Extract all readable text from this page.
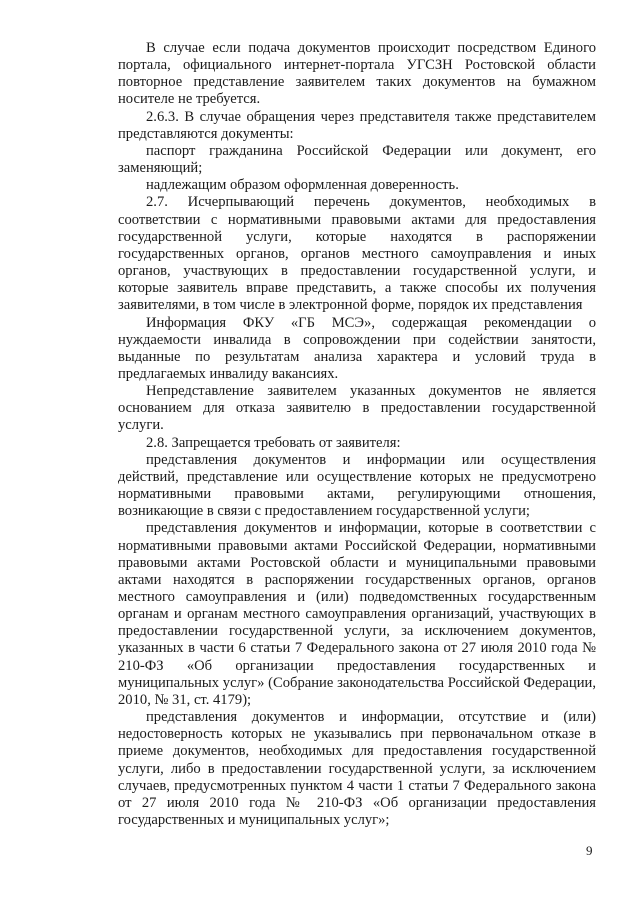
В случае если подача документов происходит посредством Единого портала, официального интернет-портала УГСЗН Ростовской области повторное представление заявителем таких документов на бумажном носителе не требуется.

2.6.3. В случае обращения через представителя также представителем представляются документы:

паспорт гражданина Российской Федерации или документ, его заменяющий;

надлежащим образом оформленная доверенность.

2.7. Исчерпывающий перечень документов, необходимых в соответствии с нормативными правовыми актами для предоставления государственной услуги, которые находятся в распоряжении государственных органов, органов местного самоуправления и иных органов, участвующих в предоставлении государственной услуги, и которые заявитель вправе представить, а также способы их получения заявителями, в том числе в электронной форме, порядок их представления

Информация ФКУ «ГБ МСЭ», содержащая рекомендации о нуждаемости инвалида в сопровождении при содействии занятости, выданные по результатам анализа характера и условий труда в предлагаемых инвалиду вакансиях.

Непредставление заявителем указанных документов не является основанием для отказа заявителю в предоставлении государственной услуги.

2.8. Запрещается требовать от заявителя:

представления документов и информации или осуществления действий, представление или осуществление которых не предусмотрено нормативными правовыми актами, регулирующими отношения, возникающие в связи с предоставлением государственной услуги;

представления документов и информации, которые в соответствии с нормативными правовыми актами Российской Федерации, нормативными правовыми актами Ростовской области и муниципальными правовыми актами находятся в распоряжении государственных органов, органов местного самоуправления и (или) подведомственных государственным органам и органам местного самоуправления организаций, участвующих в предоставлении государственной услуги, за исключением документов, указанных в части 6 статьи 7 Федерального закона от 27 июля 2010 года № 210-ФЗ «Об организации предоставления государственных и муниципальных услуг» (Собрание законодательства Российской Федерации, 2010, № 31, ст. 4179);

представления документов и информации, отсутствие и (или) недостоверность которых не указывались при первоначальном отказе в приеме документов, необходимых для предоставления государственной услуги, либо в предоставлении государственной услуги, за исключением случаев, предусмотренных пунктом 4 части 1 статьи 7 Федерального закона от 27 июля 2010 года № 210-ФЗ «Об организации предоставления государственных и муниципальных услуг»;

9
